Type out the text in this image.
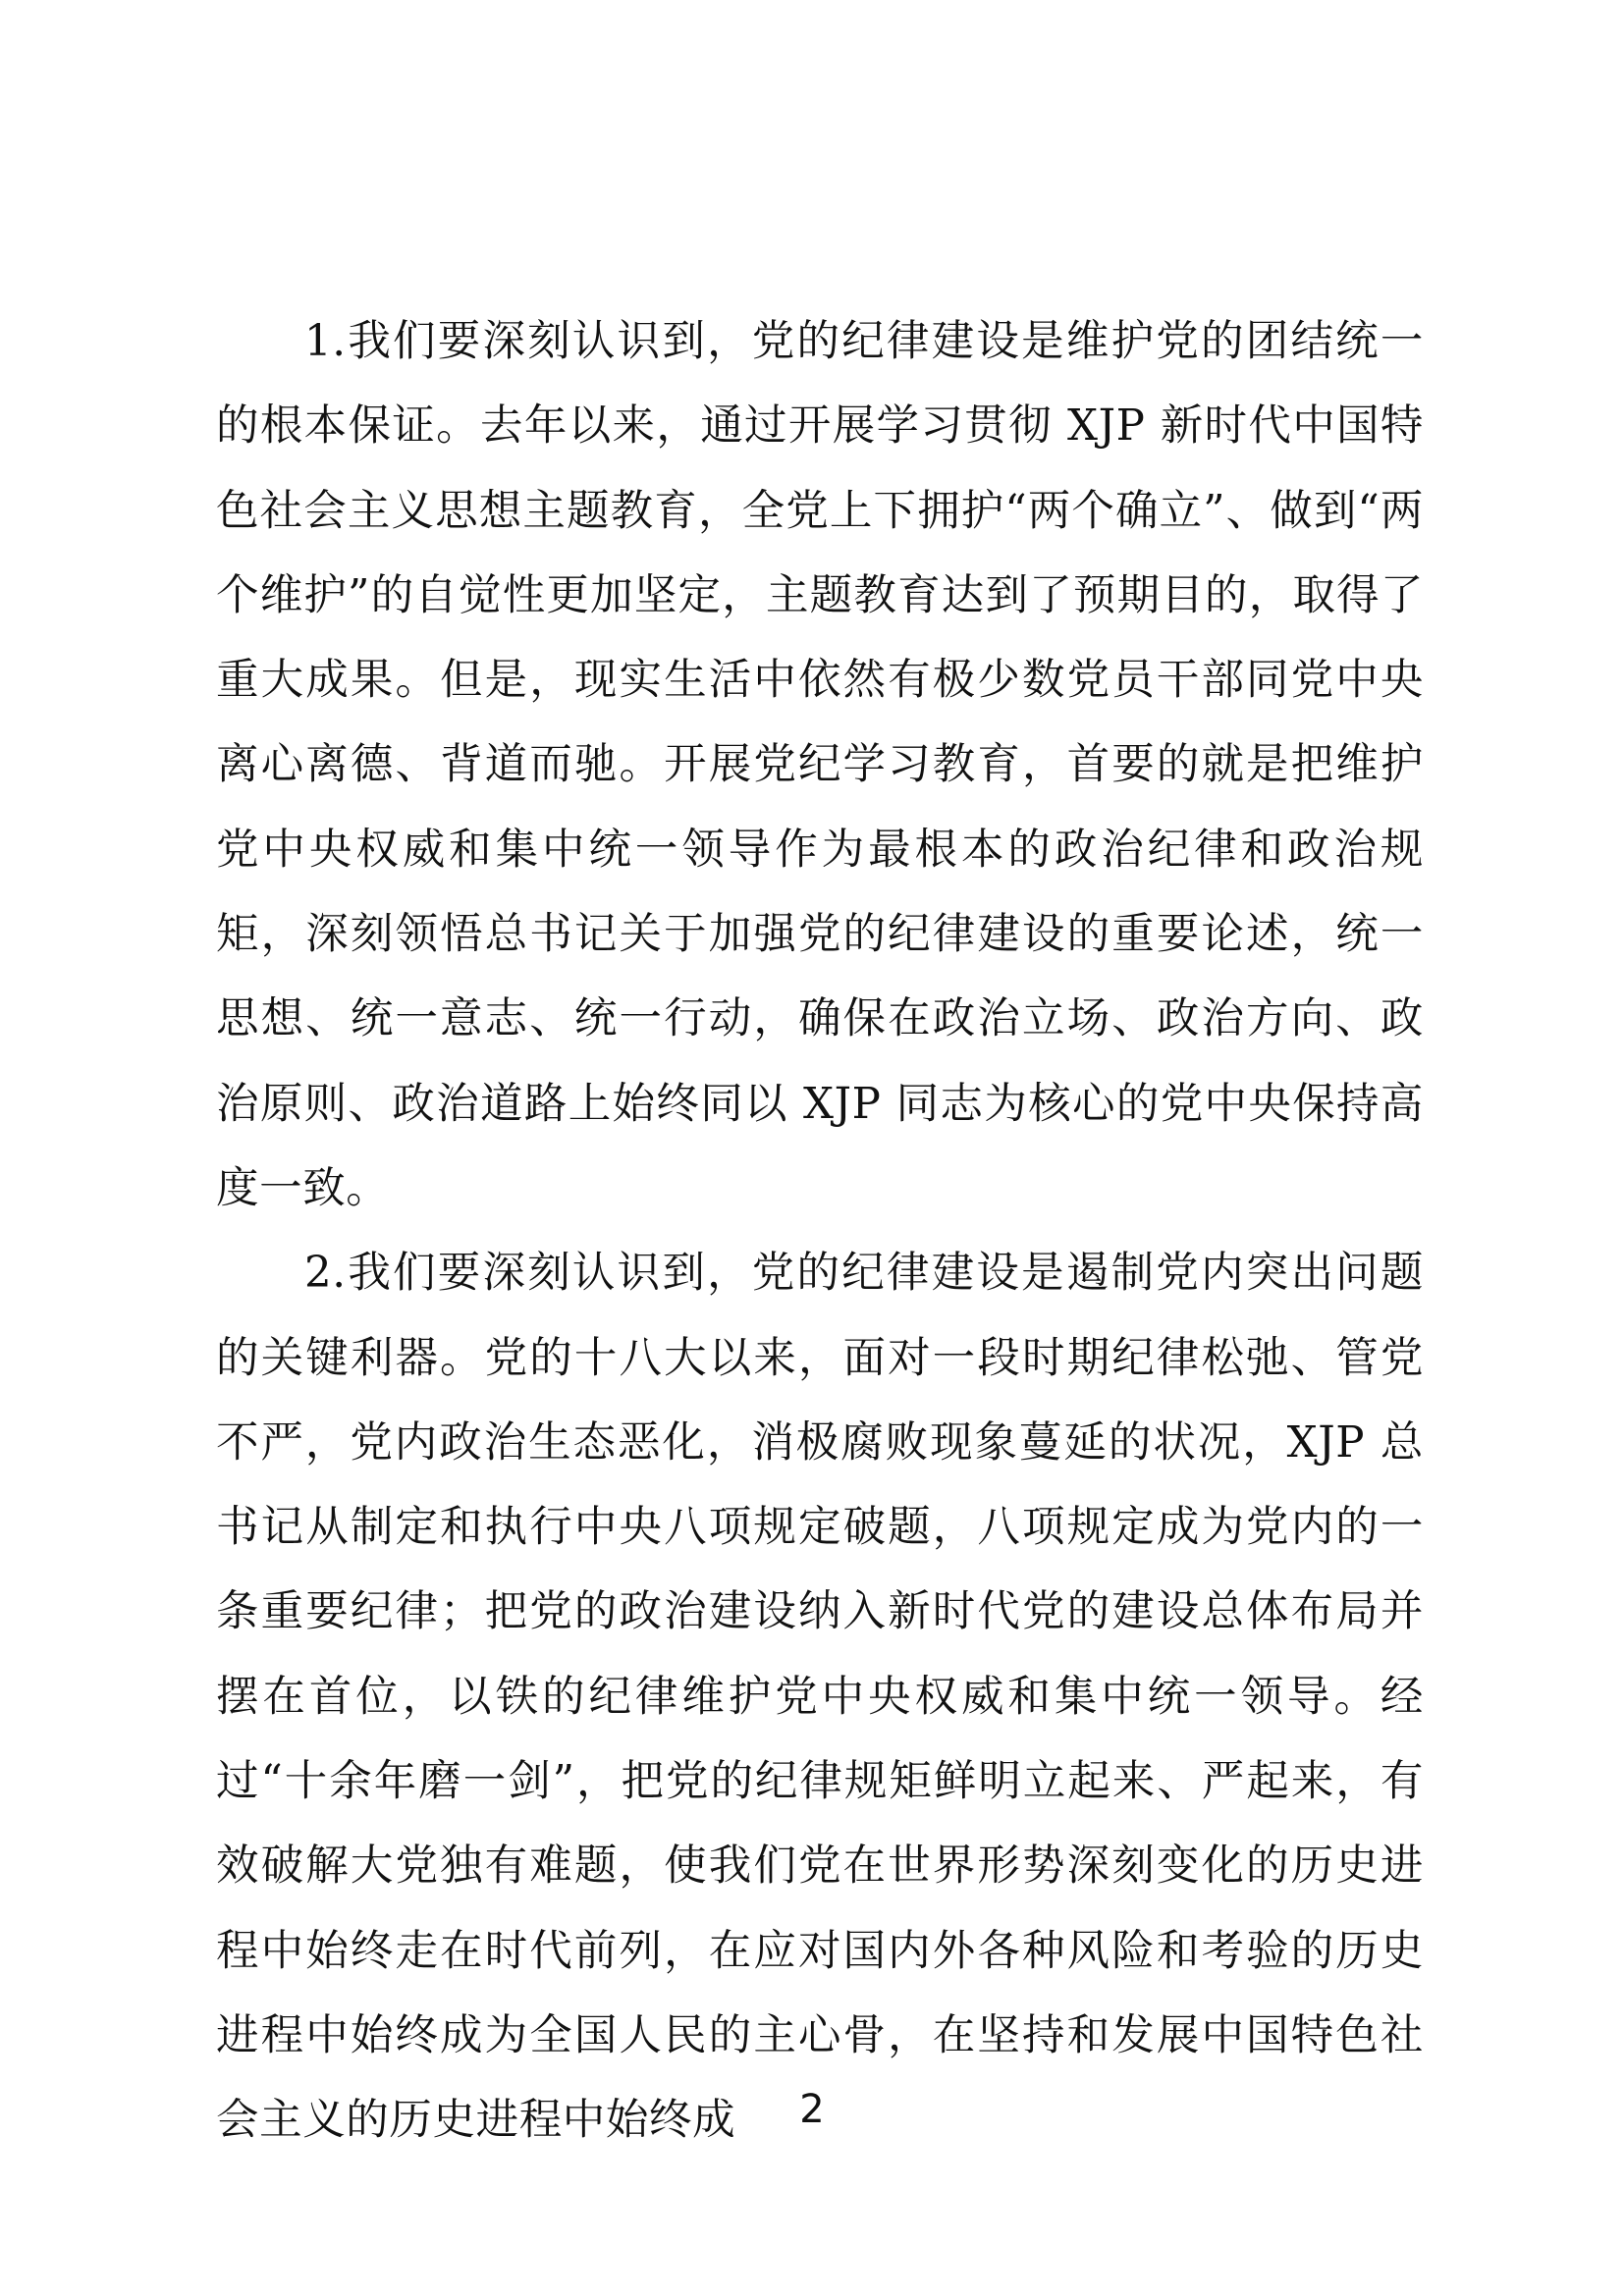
1.我们要深刻认识到，党的纪律建设是维护党的团结统一的根本保证。去年以来，通过开展学习贯彻 XJP 新时代中国特色社会主义思想主题教育，全党上下拥护“两个确立”、做到“两个维护”的自觉性更加坚定，主题教育达到了预期目的，取得了重大成果。但是，现实生活中依然有极少数党员干部同党中央离心离德、背道而驰。开展党纪学习教育，首要的就是把维护党中央权威和集中统一领导作为最根本的政治纪律和政治规矩，深刻领悟总书记关于加强党的纪律建设的重要论述，统一思想、统一意志、统一行动，确保在政治立场、政治方向、政治原则、政治道路上始终同以 XJP 同志为核心的党中央保持高度一致。

2.我们要深刻认识到，党的纪律建设是遏制党内突出问题的关键利器。党的十八大以来，面对一段时期纪律松弛、管党不严，党内政治生态恶化，消极腐败现象蔓延的状况，XJP 总书记从制定和执行中央八项规定破题，八项规定成为党内的一条重要纪律；把党的政治建设纳入新时代党的建设总体布局并摆在首位，以铁的纪律维护党中央权威和集中统一领导。经过“十余年磨一剑”，把党的纪律规矩鲜明立起来、严起来，有效破解大党独有难题，使我们党在世界形势深刻变化的历史进程中始终走在时代前列，在应对国内外各种风险和考验的历史进程中始终成为全国人民的主心骨，在坚持和发展中国特色社会主义的历史进程中始终成	2
